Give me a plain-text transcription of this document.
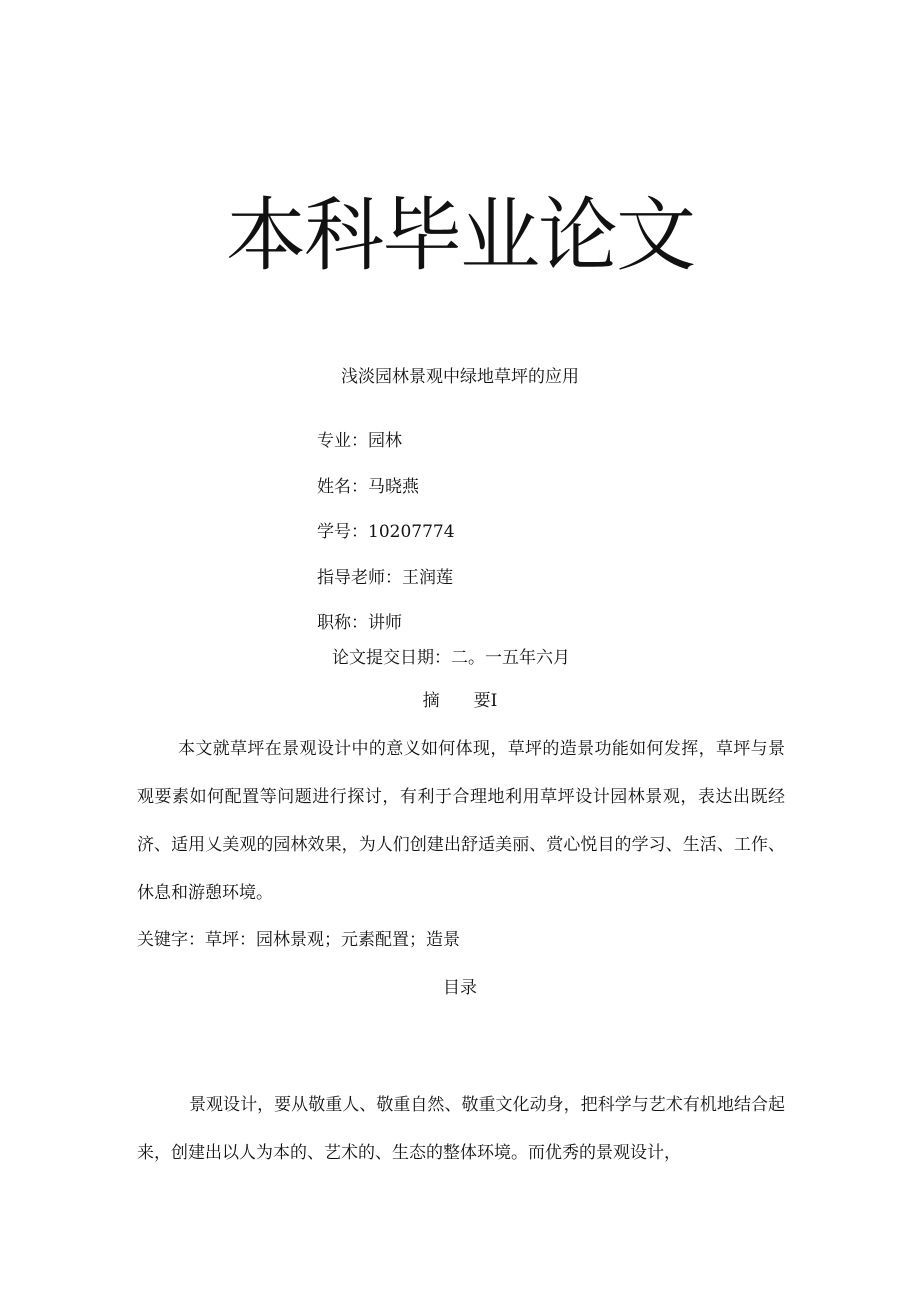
本科毕业论文
浅淡园林景观中绿地草坪的应用
专业：园林
姓名：马晓燕
学号：10207774
指导老师：王润莲
职称：讲师
论文提交日期：二。一五年六月
摘 要I

本文就草坪在景观设计中的意义如何体现，草坪的造景功能如何发挥，草坪与景观要素如何配置等问题进行探讨，有利于合理地利用草坪设计园林景观，表达出既经济、适用乂美观的园林效果，为人们创建出舒适美丽、赏心悦目的学习、生活、工作、休息和游憩环境。

关键字：草坪：园林景观；元素配置；造景
目录

景观设计，要从敬重人、敬重自然、敬重文化动身，把科学与艺术有机地结合起来，创建出以人为本的、艺术的、生态的整体环境。而优秀的景观设计，
